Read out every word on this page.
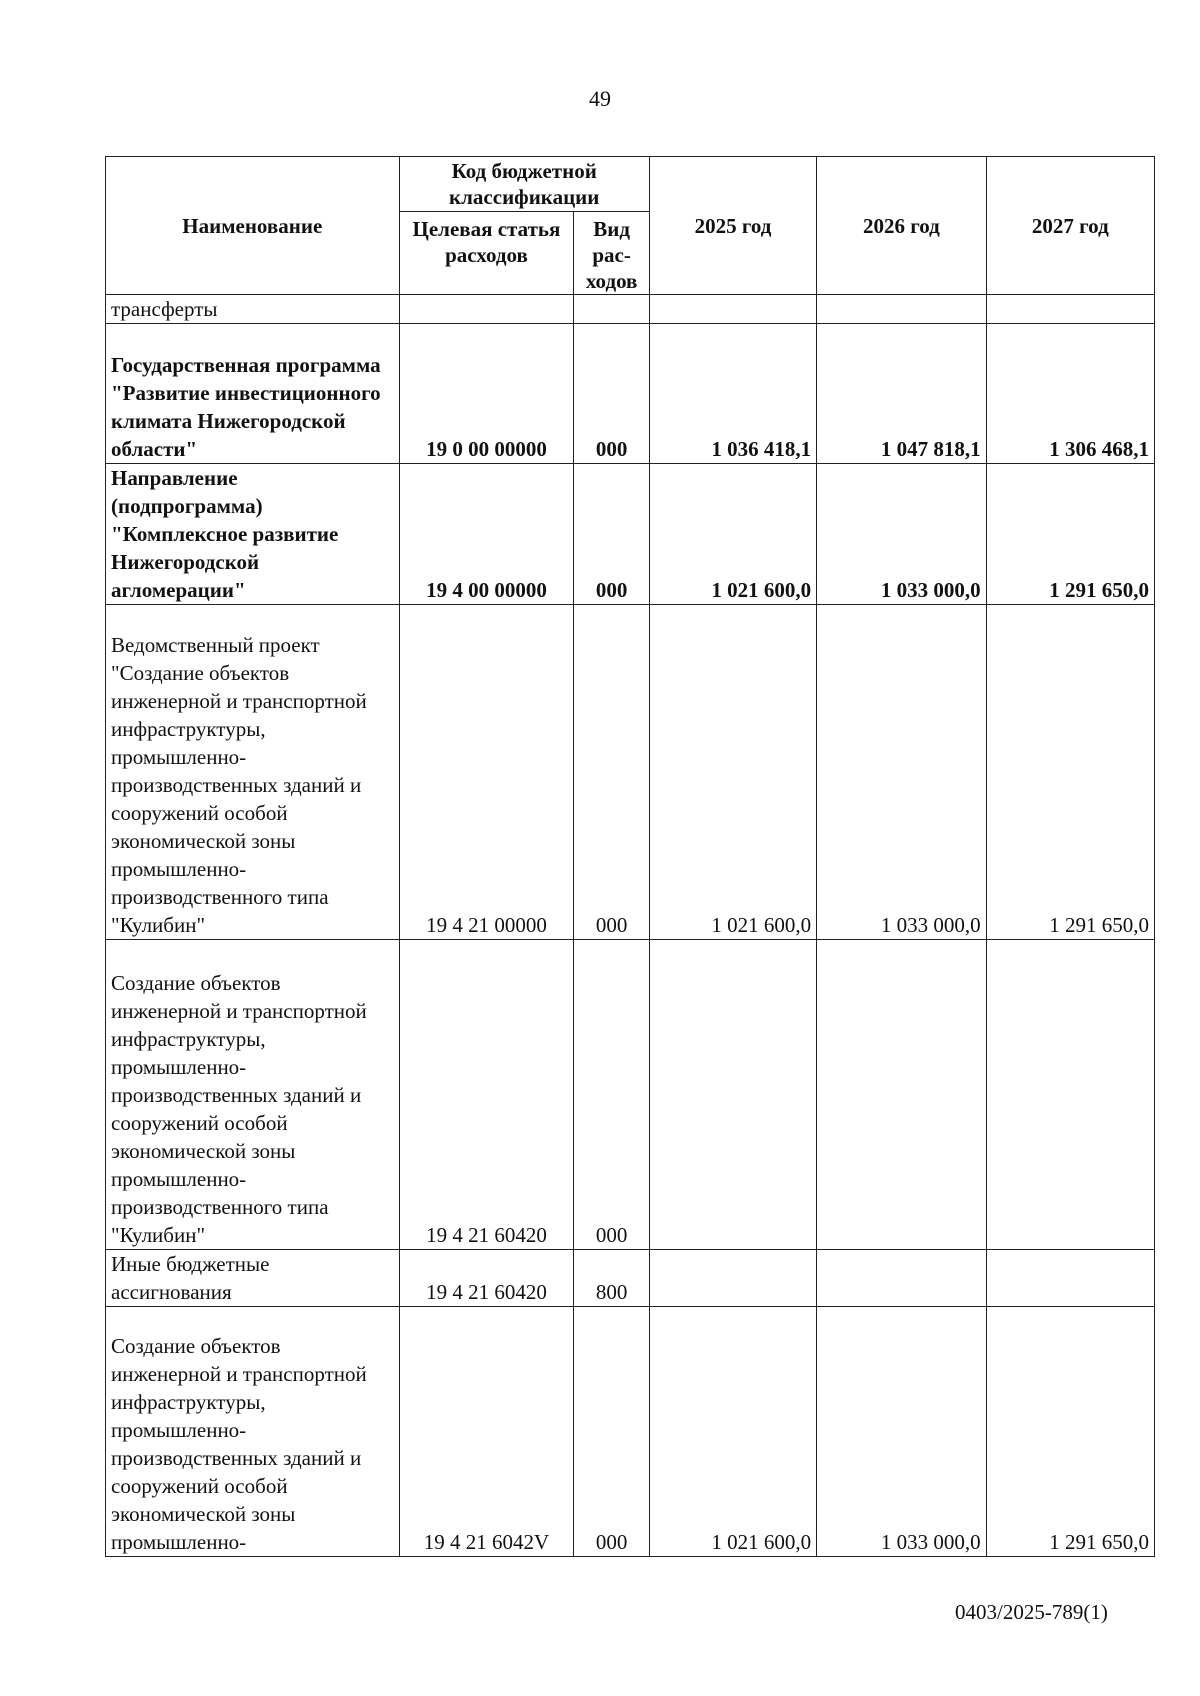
49
Наименование	Код бюджетной классификации		2025 год	2026 год	2027 год
	Целевая статья расходов	Вид рас-ходов			
трансферты					
Государственная программа "Развитие инвестиционного климата Нижегородской области"	19 0 00 00000	000	1 036 418,1	1 047 818,1	1 306 468,1
Направление (подпрограмма) "Комплексное развитие Нижегородской агломерации"	19 4 00 00000	000	1 021 600,0	1 033 000,0	1 291 650,0
Ведомственный проект "Создание объектов инженерной и транспортной инфраструктуры, промышленно-производственных зданий и сооружений особой экономической зоны промышленно-производственного типа "Кулибин"	19 4 21 00000	000	1 021 600,0	1 033 000,0	1 291 650,0
Создание объектов инженерной и транспортной инфраструктуры, промышленно-производственных зданий и сооружений особой экономической зоны промышленно-производственного типа "Кулибин"	19 4 21 60420	000			
Иные бюджетные ассигнования	19 4 21 60420	800			
Создание объектов инженерной и транспортной инфраструктуры, промышленно-производственных зданий и сооружений особой экономической зоны промышленно-	19 4 21 6042V	000	1 021 600,0	1 033 000,0	1 291 650,0
0403/2025-789(1)
